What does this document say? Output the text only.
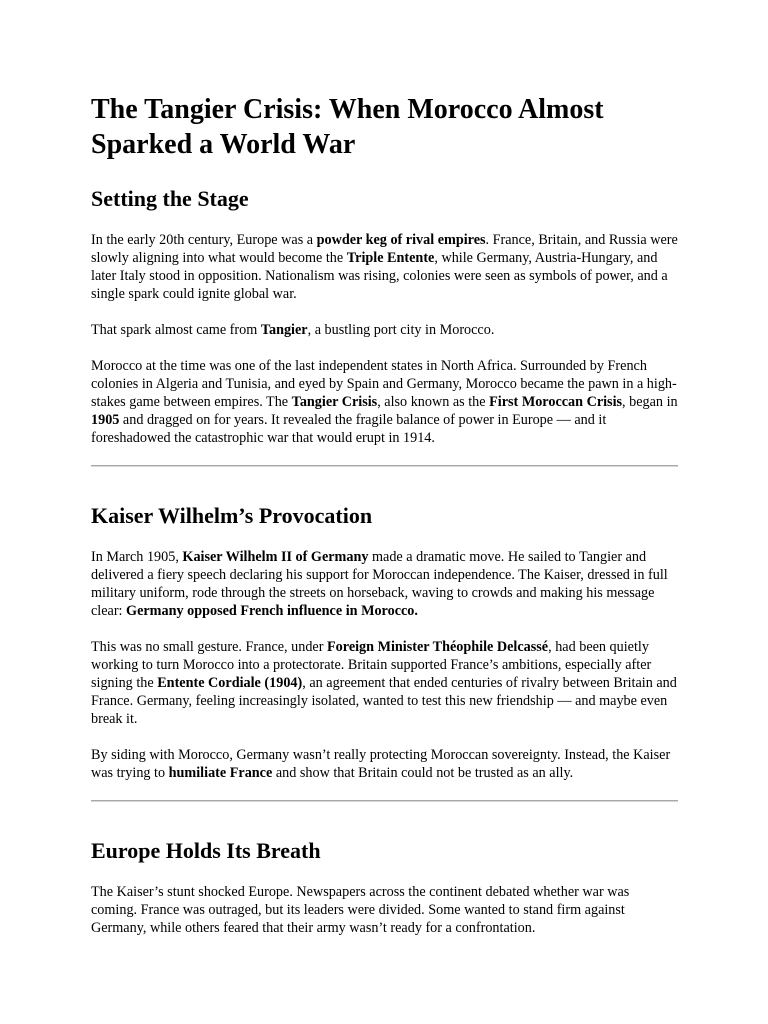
The Tangier Crisis: When Morocco Almost Sparked a World War
Setting the Stage

In the early 20th century, Europe was a powder keg of rival empires. France, Britain, and Russia were slowly aligning into what would become the Triple Entente, while Germany, Austria-Hungary, and later Italy stood in opposition. Nationalism was rising, colonies were seen as symbols of power, and a single spark could ignite global war.

That spark almost came from Tangier, a bustling port city in Morocco.

Morocco at the time was one of the last independent states in North Africa. Surrounded by French colonies in Algeria and Tunisia, and eyed by Spain and Germany, Morocco became the pawn in a high-stakes game between empires. The Tangier Crisis, also known as the First Moroccan Crisis, began in 1905 and dragged on for years. It revealed the fragile balance of power in Europe — and it foreshadowed the catastrophic war that would erupt in 1914.

Kaiser Wilhelm’s Provocation

In March 1905, Kaiser Wilhelm II of Germany made a dramatic move. He sailed to Tangier and delivered a fiery speech declaring his support for Moroccan independence. The Kaiser, dressed in full military uniform, rode through the streets on horseback, waving to crowds and making his message clear: Germany opposed French influence in Morocco.

This was no small gesture. France, under Foreign Minister Théophile Delcassé, had been quietly working to turn Morocco into a protectorate. Britain supported France’s ambitions, especially after signing the Entente Cordiale (1904), an agreement that ended centuries of rivalry between Britain and France. Germany, feeling increasingly isolated, wanted to test this new friendship — and maybe even break it.

By siding with Morocco, Germany wasn’t really protecting Moroccan sovereignty. Instead, the Kaiser was trying to humiliate France and show that Britain could not be trusted as an ally.

Europe Holds Its Breath

The Kaiser’s stunt shocked Europe. Newspapers across the continent debated whether war was coming. France was outraged, but its leaders were divided. Some wanted to stand firm against Germany, while others feared that their army wasn’t ready for a confrontation.
